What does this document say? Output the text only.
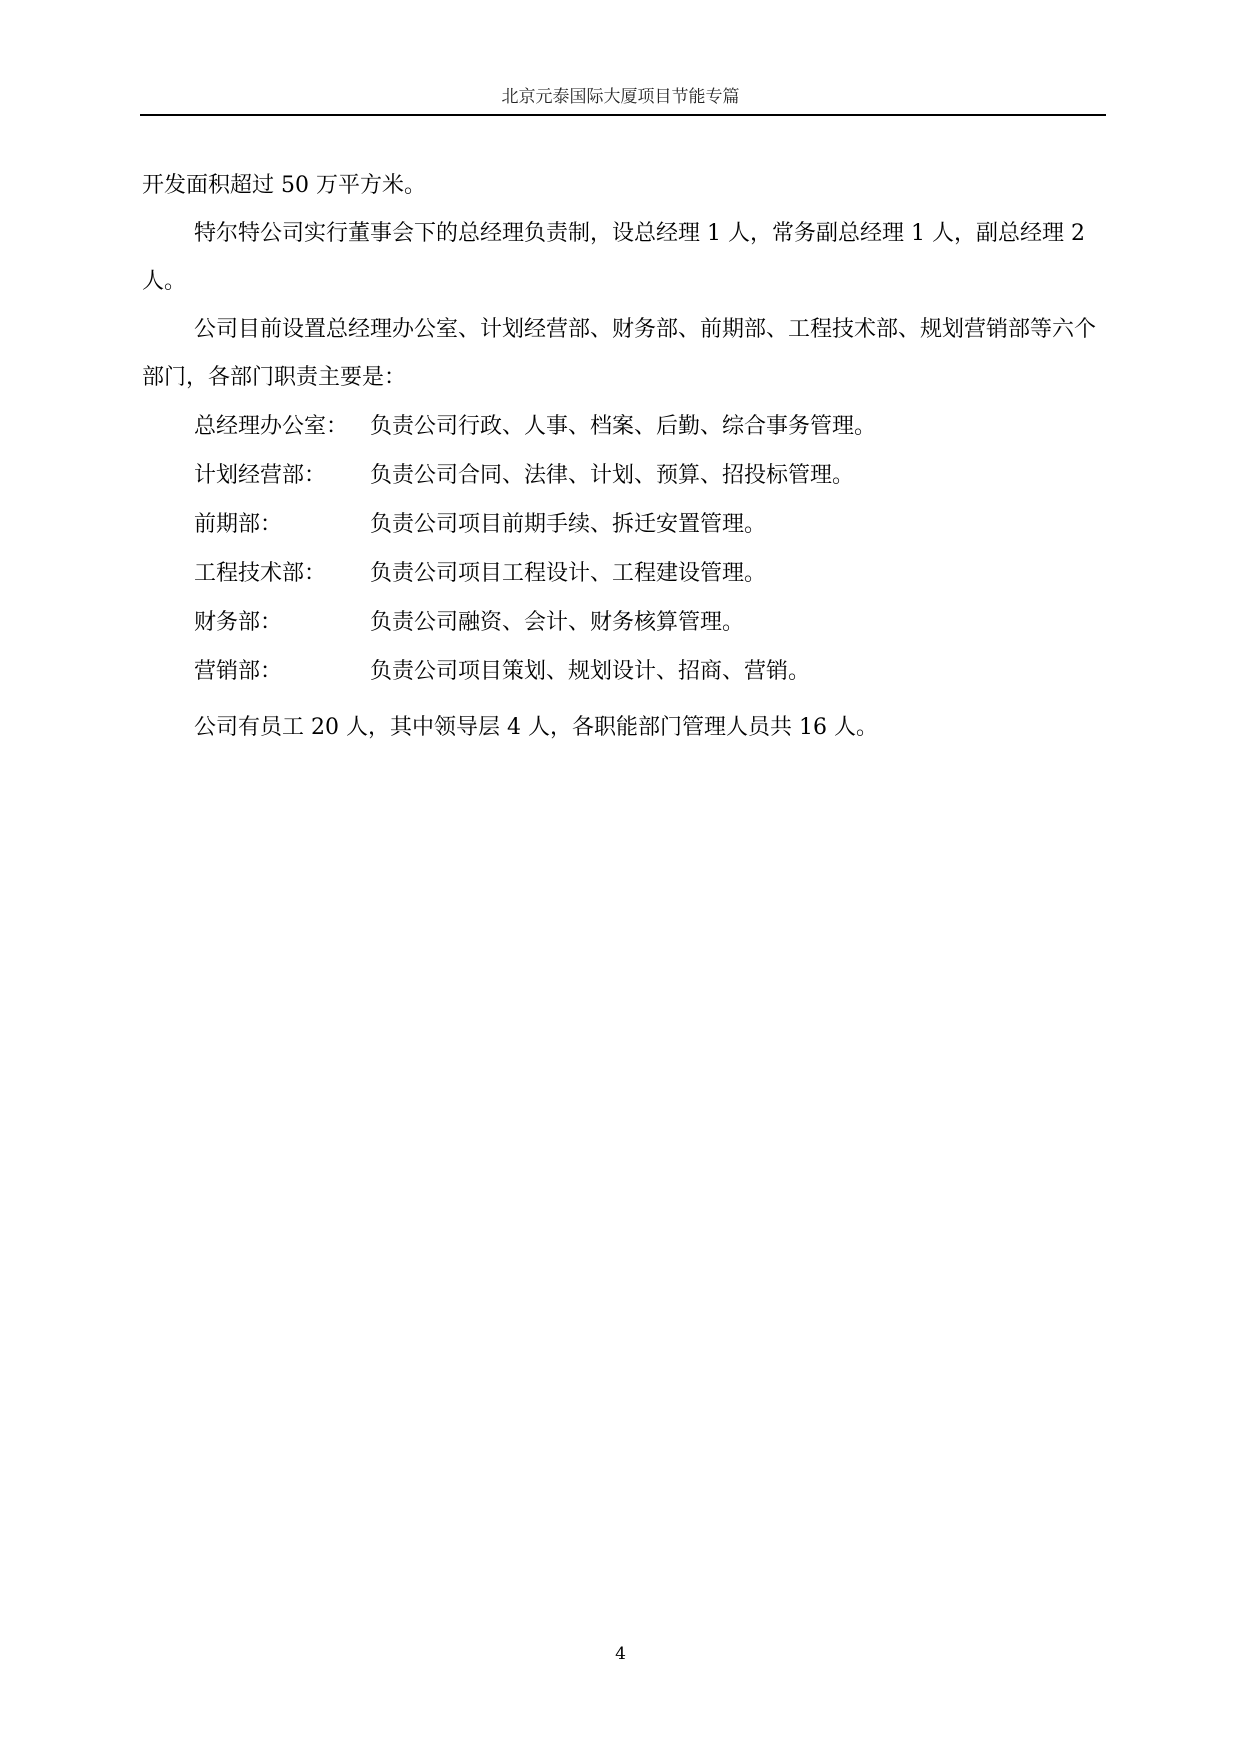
北京元泰国际大厦项目节能专篇

开发面积超过 50 万平方米。

特尔特公司实行董事会下的总经理负责制，设总经理 1 人，常务副总经理 1 人，副总经理 2 人。

公司目前设置总经理办公室、计划经营部、财务部、前期部、工程技术部、规划营销部等六个部门，各部门职责主要是：

总经理办公室： 负责公司行政、人事、档案、后勤、综合事务管理。
计划经营部：	负责公司合同、法律、计划、预算、招投标管理。
前期部：	负责公司项目前期手续、拆迁安置管理。
工程技术部：	负责公司项目工程设计、工程建设管理。
财务部：	负责公司融资、会计、财务核算管理。
营销部：	负责公司项目策划、规划设计、招商、营销。

公司有员工 20 人，其中领导层 4 人，各职能部门管理人员共 16 人。

4
